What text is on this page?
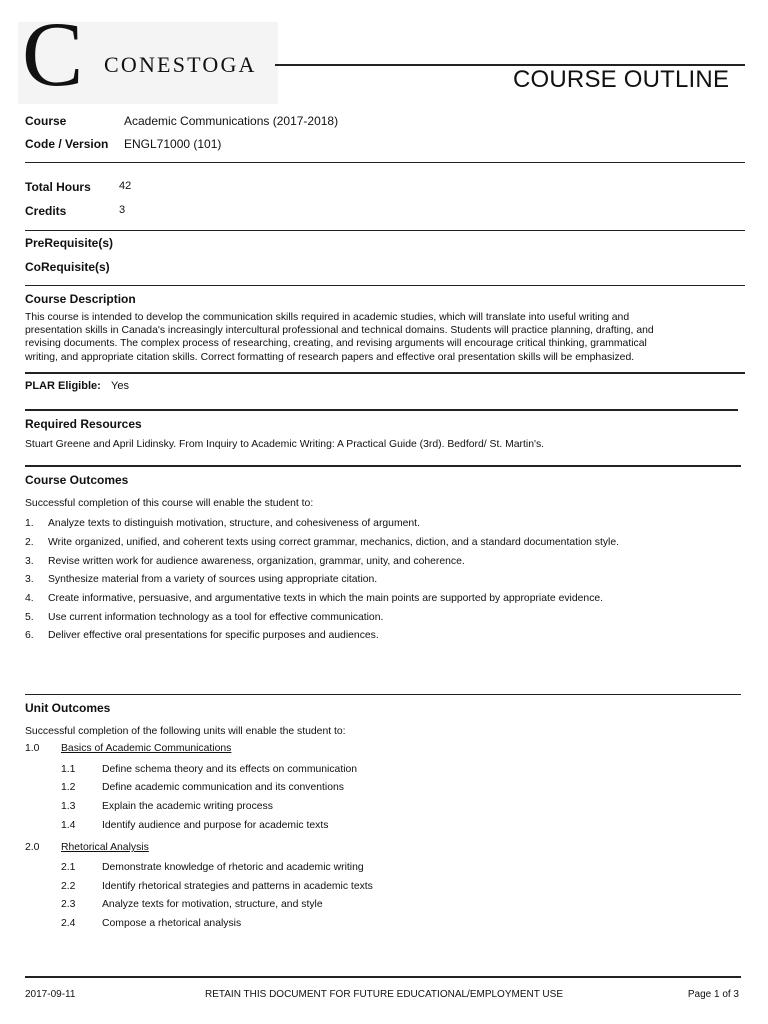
C CONESTOGA
COURSE OUTLINE
Course	Academic Communications (2017-2018)
Code / Version ENGL71000 (101)
Total Hours	42
Credits	3
PreRequisite(s)
CoRequisite(s)
Course Description
This course is intended to develop the communication skills required in academic studies, which will translate into useful writing and
presentation skills in Canada's increasingly intercultural professional and technical domains. Students will practice planning, drafting, and
revising documents. The complex process of researching, creating, and revising arguments will encourage critical thinking, grammatical
writing, and appropriate citation skills. Correct formatting of research papers and effective oral presentation skills will be emphasized.
PLAR Eligible: Yes
Required Resources
Stuart Greene and April Lidinsky. From Inquiry to Academic Writing: A Practical Guide (3rd). Bedford/ St. Martin's.
Course Outcomes
Successful completion of this course will enable the student to:
1. Analyze texts to distinguish motivation, structure, and cohesiveness of argument.
2. Write organized, unified, and coherent texts using correct grammar, mechanics, diction, and a standard documentation style.
3. Revise written work for audience awareness, organization, grammar, unity, and coherence.
3. Synthesize material from a variety of sources using appropriate citation.
4. Create informative, persuasive, and argumentative texts in which the main points are supported by appropriate evidence.
5. Use current information technology as a tool for effective communication.
6. Deliver effective oral presentations for specific purposes and audiences.
Unit Outcomes
Successful completion of the following units will enable the student to:
1.0 Basics of Academic Communications
1.1	Define schema theory and its effects on communication
1.2	Define academic communication and its conventions
1.3	Explain the academic writing process
1.4	Identify audience and purpose for academic texts
2.0 Rhetorical Analysis
2.1	Demonstrate knowledge of rhetoric and academic writing
2.2	Identify rhetorical strategies and patterns in academic texts
2.3	Analyze texts for motivation, structure, and style
2.4	Compose a rhetorical analysis
2017-09-11	RETAIN THIS DOCUMENT FOR FUTURE EDUCATIONAL/EMPLOYMENT USE	Page 1 of 3
